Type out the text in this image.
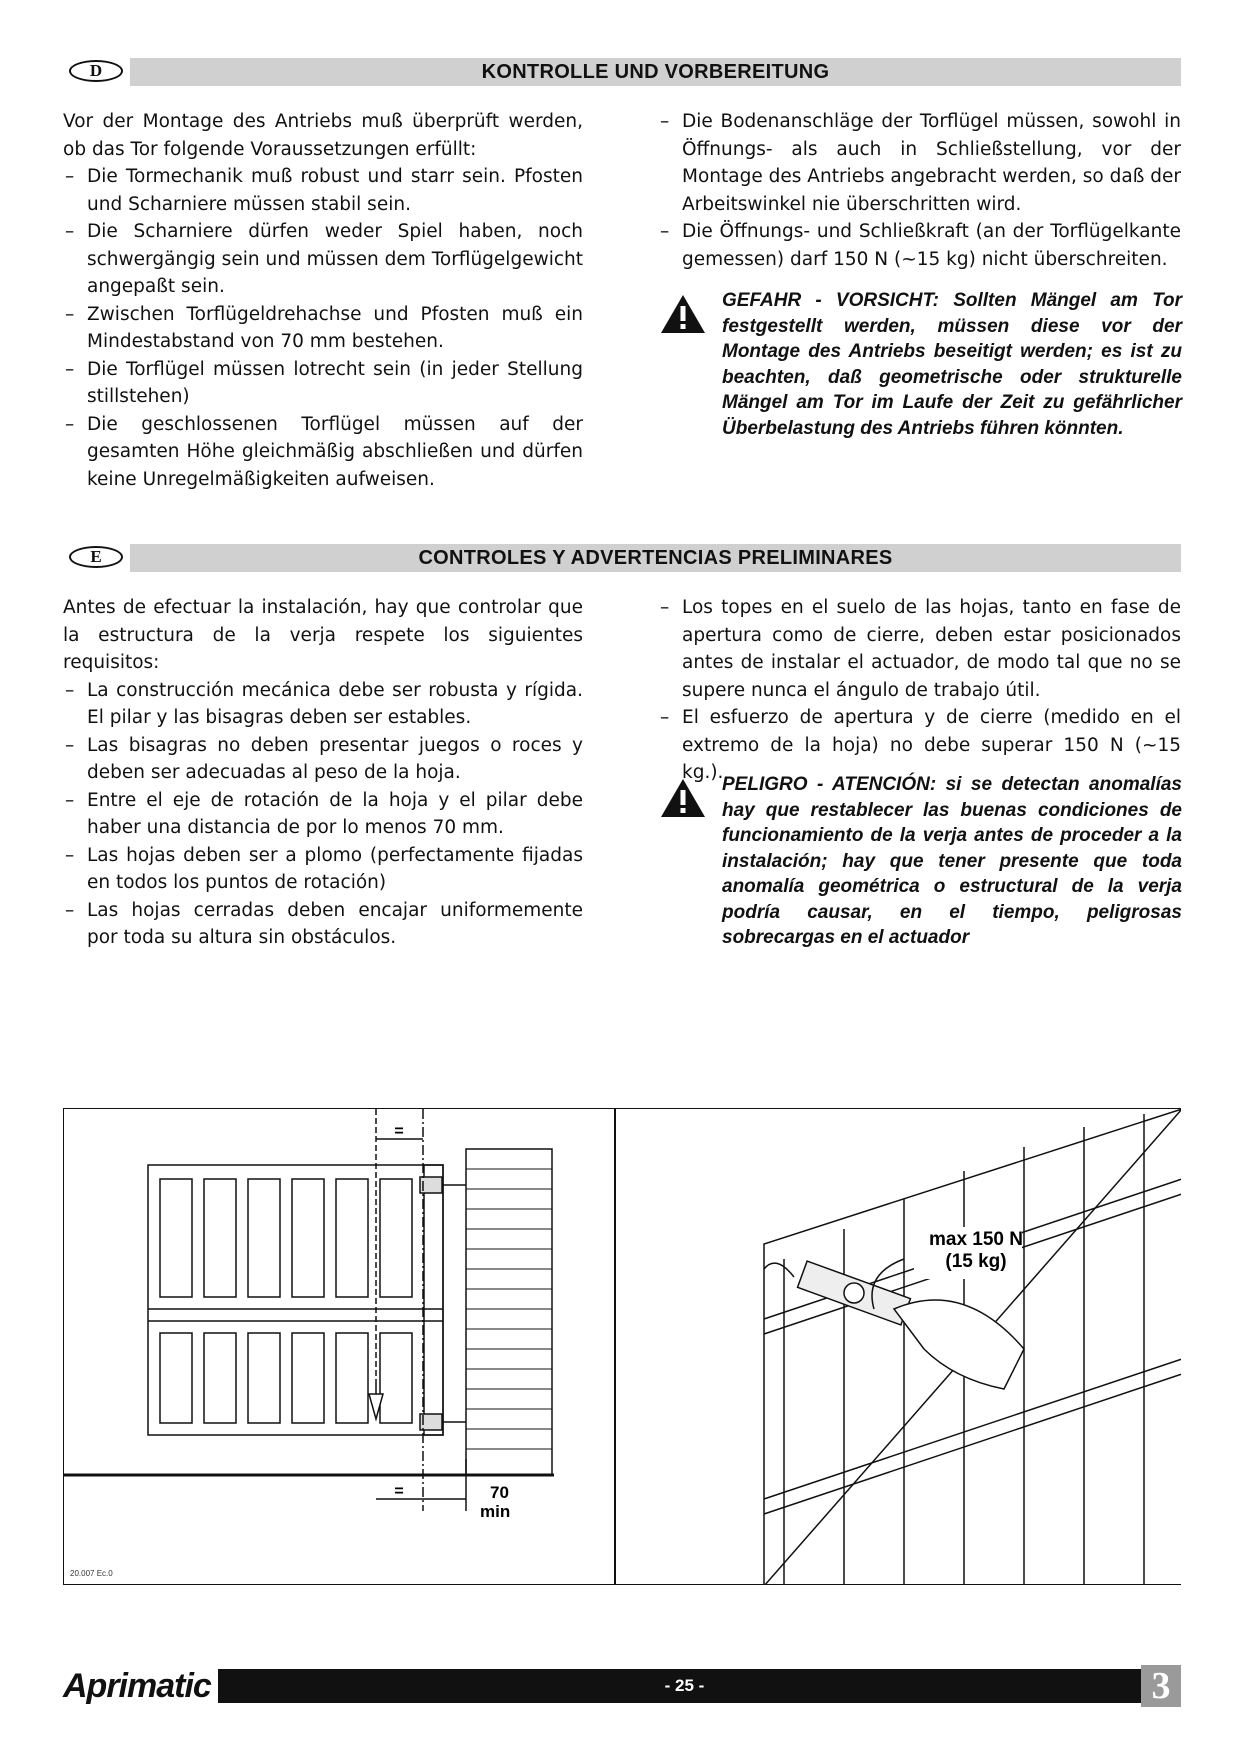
D	KONTROLLE UND VORBEREITUNG

Vor der Montage des Antriebs muß überprüft werden, ob das Tor folgende Voraussetzungen erfüllt:

– Die Tormechanik muß robust und starr sein. Pfosten und Scharniere müssen stabil sein.
– Die Scharniere dürfen weder Spiel haben, noch schwergängig sein und müssen dem Torflügelgewicht angepaßt sein.
– Zwischen Torflügeldrehachse und Pfosten muß ein Mindestabstand von 70 mm bestehen.
– Die Torflügel müssen lotrecht sein (in jeder Stellung stillstehen)
– Die geschlossenen Torflügel müssen auf der gesamten Höhe gleichmäßig abschließen und dürfen keine Unregelmäßigkeiten aufweisen.
– Die Bodenanschläge der Torflügel müssen, sowohl in Öffnungs- als auch in Schließstellung, vor der Montage des Antriebs angebracht werden, so daß der Arbeitswinkel nie überschritten wird.
– Die Öffnungs- und Schließkraft (an der Torflügelkante gemessen) darf 150 N (~15 kg) nicht überschreiten.
GEFAHR - VORSICHT: Sollten Mängel am Tor festgestellt werden, müssen diese vor der Montage des Antriebs beseitigt werden; es ist zu beachten, daß geometrische oder strukturelle Mängel am Tor im Laufe der Zeit zu gefährlicher Überbelastung des Antriebs führen könnten.
E	CONTROLES Y ADVERTENCIAS PRELIMINARES

Antes de efectuar la instalación, hay que controlar que la estructura de la verja respete los siguientes requisitos:

– La construcción mecánica debe ser robusta y rígida. El pilar y las bisagras deben ser estables.
– Las bisagras no deben presentar juegos o roces y deben ser adecuadas al peso de la hoja.
– Entre el eje de rotación de la hoja y el pilar debe haber una distancia de por lo menos 70 mm.
– Las hojas deben ser a plomo (perfectamente fijadas en todos los puntos de rotación)
– Las hojas cerradas deben encajar uniformemente por toda su altura sin obstáculos.
– Los topes en el suelo de las hojas, tanto en fase de apertura como de cierre, deben estar posicionados antes de instalar el actuador, de modo tal que no se supere nunca el ángulo de trabajo útil.
– El esfuerzo de apertura y de cierre (medido en el extremo de la hoja) no debe superar 150 N (~15 kg.).
PELIGRO - ATENCIÓN: si se detectan anomalías hay que restablecer las buenas condiciones de funcionamiento de la verja antes de proceder a la instalación; hay que tener presente que toda anomalía geométrica o estructural de la verja podría causar, en el tiempo, peligrosas sobrecargas en el actuador
=
=	70
min
max 150 N
(15 kg)
20.007 Ec.0
Aprimatic	- 25 -	3
